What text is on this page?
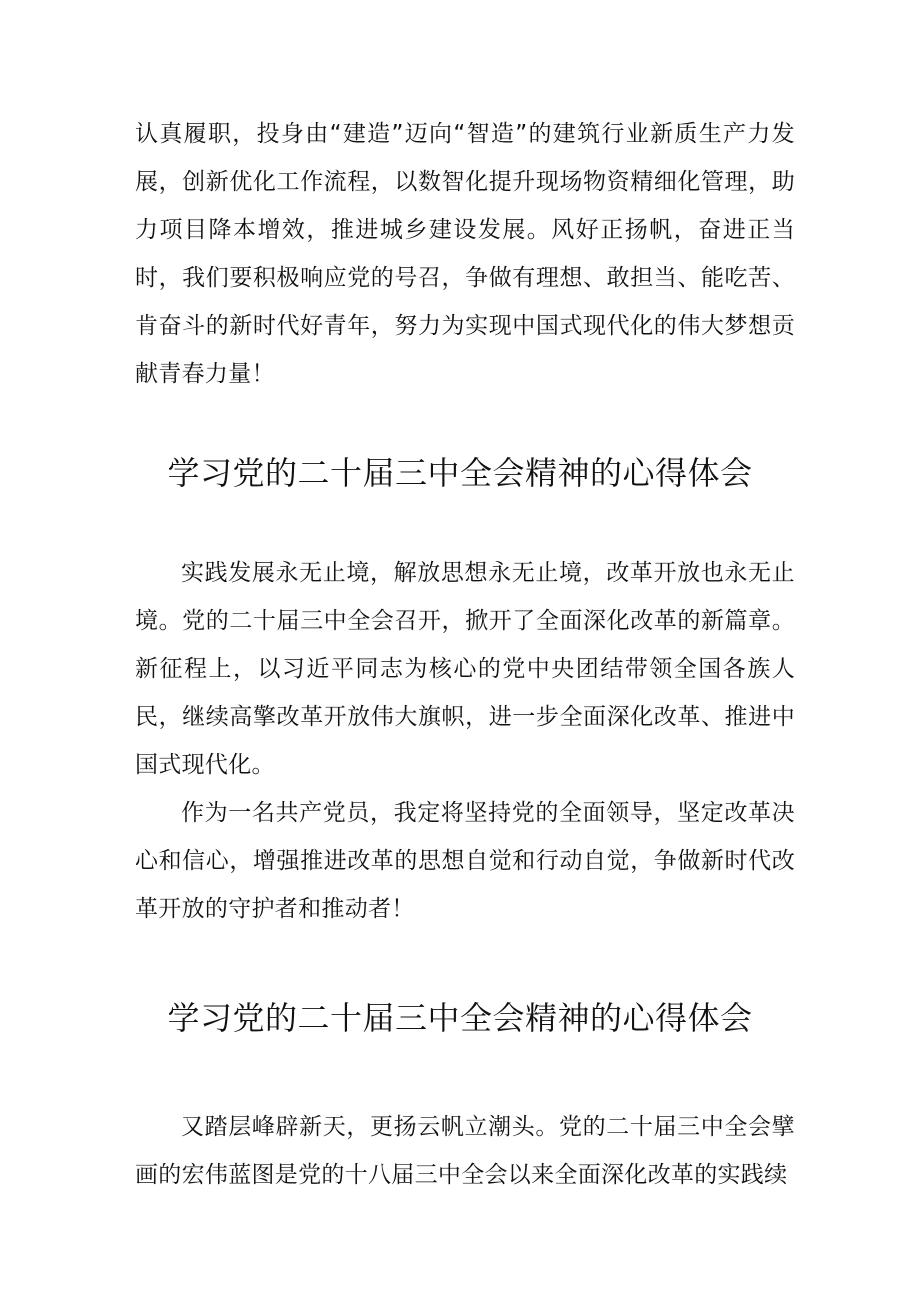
认真履职，投身由“建造”迈向“智造”的建筑行业新质生产力发展，创新优化工作流程，以数智化提升现场物资精细化管理，助力项目降本增效，推进城乡建设发展。风好正扬帆，奋进正当时，我们要积极响应党的号召，争做有理想、敢担当、能吃苦、肯奋斗的新时代好青年，努力为实现中国式现代化的伟大梦想贡献青春力量！

学习党的二十届三中全会精神的心得体会

实践发展永无止境，解放思想永无止境，改革开放也永无止境。党的二十届三中全会召开，掀开了全面深化改革的新篇章。新征程上，以习近平同志为核心的党中央团结带领全国各族人民，继续高擎改革开放伟大旗帜，进一步全面深化改革、推进中国式现代化。

作为一名共产党员，我定将坚持党的全面领导，坚定改革决心和信心，增强推进改革的思想自觉和行动自觉，争做新时代改革开放的守护者和推动者！

学习党的二十届三中全会精神的心得体会

又踏层峰辟新天，更扬云帆立潮头。党的二十届三中全会擘画的宏伟蓝图是党的十八届三中全会以来全面深化改革的实践续
